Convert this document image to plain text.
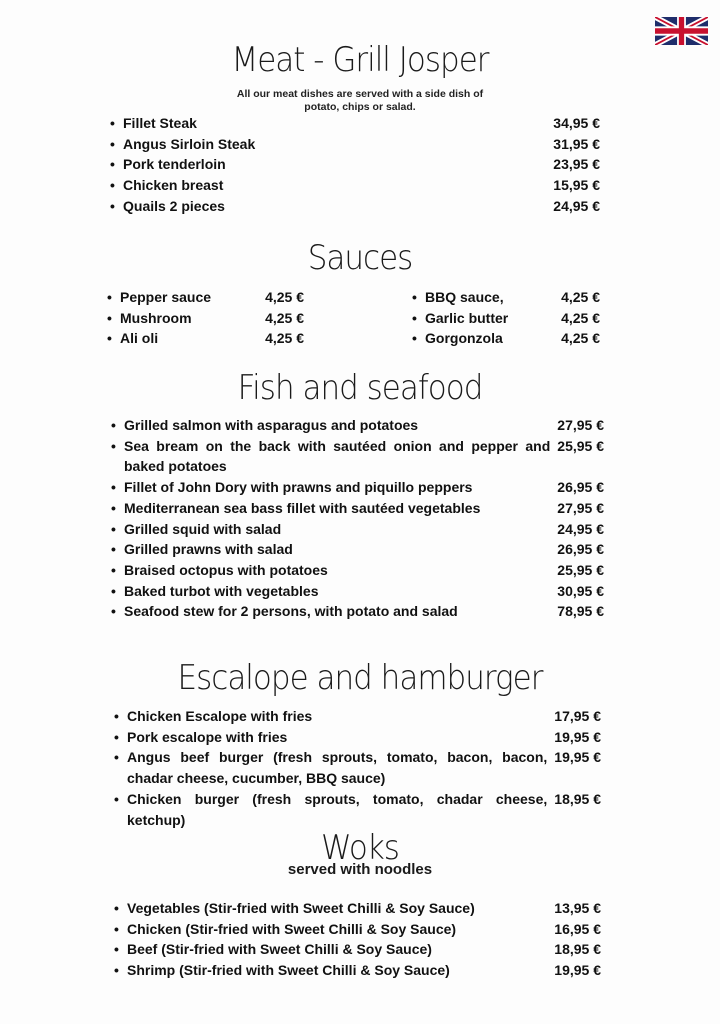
Meat - Grill Josper
All our meat dishes are served with a side dish of
potato, chips or salad.
• Fillet Steak	34,95 €
• Angus Sirloin Steak	31,95 €
• Pork tenderloin	23,95 €
• Chicken breast	15,95 €
• Quails 2 pieces	24,95 €
Sauces
• Pepper sauce	4,25 €
• Mushroom	4,25 €
• Ali oli	4,25 €
• BBQ sauce,	4,25 €
• Garlic butter	4,25 €
• Gorgonzola	4,25 €
Fish and seafood
• Grilled salmon with asparagus and potatoes	27,95 €
• Sea bream on the back with sautéed onion and pepper and baked potatoes
25,95 €
• Fillet of John Dory with prawns and piquillo peppers	26,95 €
• Mediterranean sea bass fillet with sautéed vegetables	27,95 €
• Grilled squid with salad	24,95 €
• Grilled prawns with salad	26,95 €
• Braised octopus with potatoes	25,95 €
• Baked turbot with vegetables	30,95 €
• Seafood stew for 2 persons, with potato and salad	78,95 €
Escalope and hamburger
• Chicken Escalope with fries	17,95 €
• Pork escalope with fries	19,95 €
• Angus beef burger (fresh sprouts, tomato, bacon, bacon, chadar cheese, cucumber, BBQ sauce)
19,95 €
• Chicken burger (fresh sprouts, tomato, chadar cheese, ketchup)
18,95 €
Woks
served with noodles
• Vegetables (Stir-fried with Sweet Chilli & Soy Sauce)	13,95 €
• Chicken (Stir-fried with Sweet Chilli & Soy Sauce)	16,95 €
• Beef (Stir-fried with Sweet Chilli & Soy Sauce)	18,95 €
• Shrimp (Stir-fried with Sweet Chilli & Soy Sauce)	19,95 €
